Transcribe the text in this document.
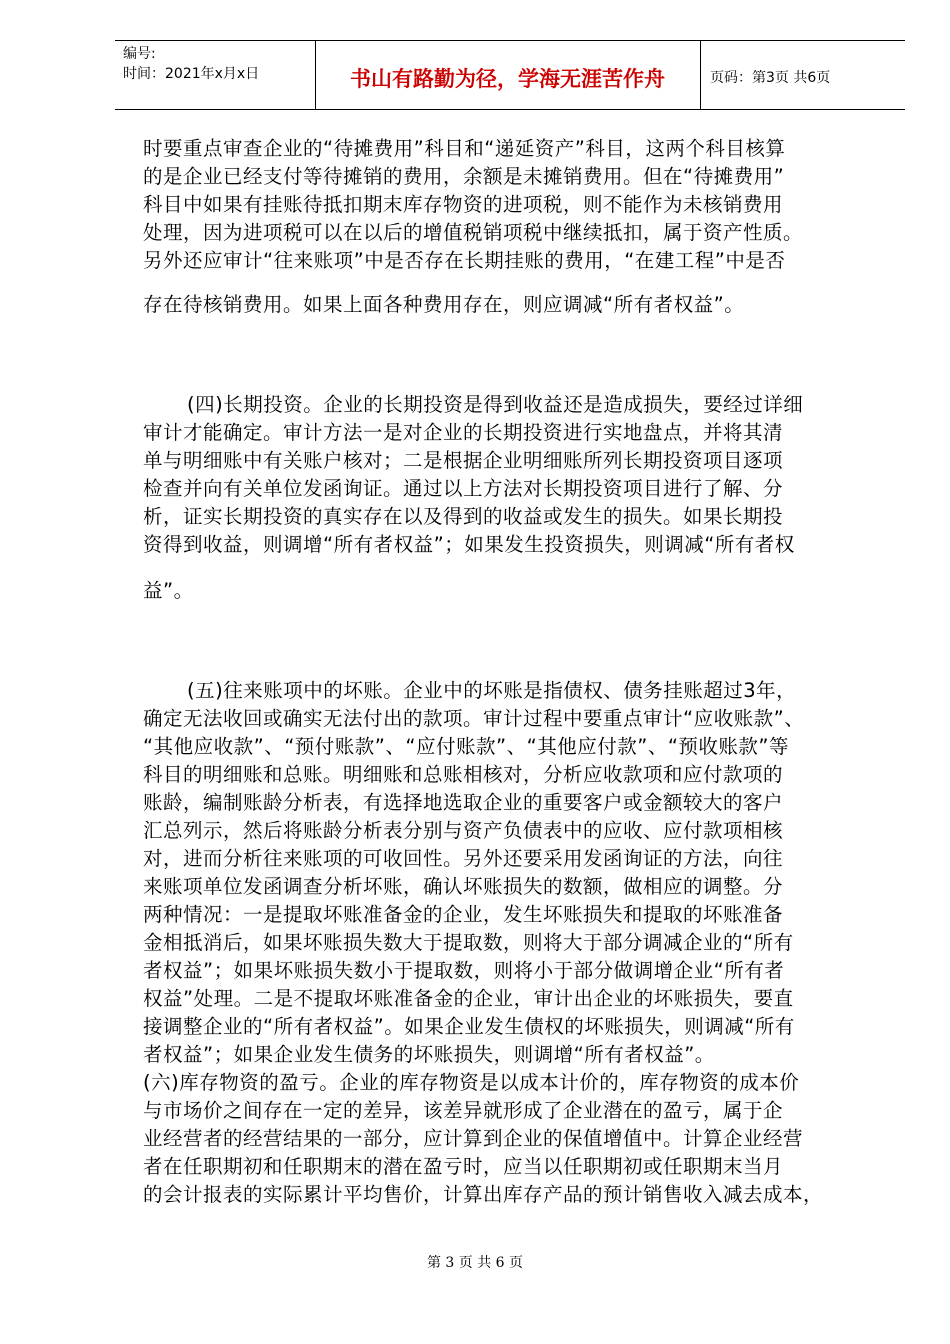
编号:
时间：2021年x月x日	书山有路勤为径，学海无涯苦作舟	页码：第3页 共6页
时要重点审查企业的“待摊费用”科目和“递延资产”科目，这两个科目核算
的是企业已经支付等待摊销的费用，余额是未摊销费用。但在“待摊费用”
科目中如果有挂账待抵扣期末库存物资的进项税，则不能作为未核销费用
处理，因为进项税可以在以后的增值税销项税中继续抵扣，属于资产性质。
另外还应审计“往来账项”中是否存在长期挂账的费用，“在建工程”中是否
存在待核销费用。如果上面各种费用存在，则应调减“所有者权益”。
(四)长期投资。企业的长期投资是得到收益还是造成损失，要经过详细
审计才能确定。审计方法一是对企业的长期投资进行实地盘点，并将其清
单与明细账中有关账户核对；二是根据企业明细账所列长期投资项目逐项
检查并向有关单位发函询证。通过以上方法对长期投资项目进行了解、分
析，证实长期投资的真实存在以及得到的收益或发生的损失。如果长期投
资得到收益，则调增“所有者权益”；如果发生投资损失，则调减“所有者权
益”。
(五)往来账项中的坏账。企业中的坏账是指债权、债务挂账超过3年，
确定无法收回或确实无法付出的款项。审计过程中要重点审计“应收账款”、
“其他应收款”、“预付账款”、“应付账款”、“其他应付款”、“预收账款”等
科目的明细账和总账。明细账和总账相核对，分析应收款项和应付款项的
账龄，编制账龄分析表，有选择地选取企业的重要客户或金额较大的客户
汇总列示，然后将账龄分析表分别与资产负债表中的应收、应付款项相核
对，进而分析往来账项的可收回性。另外还要采用发函询证的方法，向往
来账项单位发函调查分析坏账，确认坏账损失的数额，做相应的调整。分
两种情况：一是提取坏账准备金的企业，发生坏账损失和提取的坏账准备
金相抵消后，如果坏账损失数大于提取数，则将大于部分调减企业的“所有
者权益”；如果坏账损失数小于提取数，则将小于部分做调增企业“所有者
权益”处理。二是不提取坏账准备金的企业，审计出企业的坏账损失，要直
接调整企业的“所有者权益”。如果企业发生债权的坏账损失，则调减“所有
者权益”；如果企业发生债务的坏账损失，则调增“所有者权益”。
(六)库存物资的盈亏。企业的库存物资是以成本计价的，库存物资的成本价
与市场价之间存在一定的差异，该差异就形成了企业潜在的盈亏，属于企
业经营者的经营结果的一部分，应计算到企业的保值增值中。计算企业经营
者在任职期初和任职期末的潜在盈亏时，应当以任职期初或任职期末当月
的会计报表的实际累计平均售价，计算出库存产品的预计销售收入减去成本，
第 3 页 共 6 页
